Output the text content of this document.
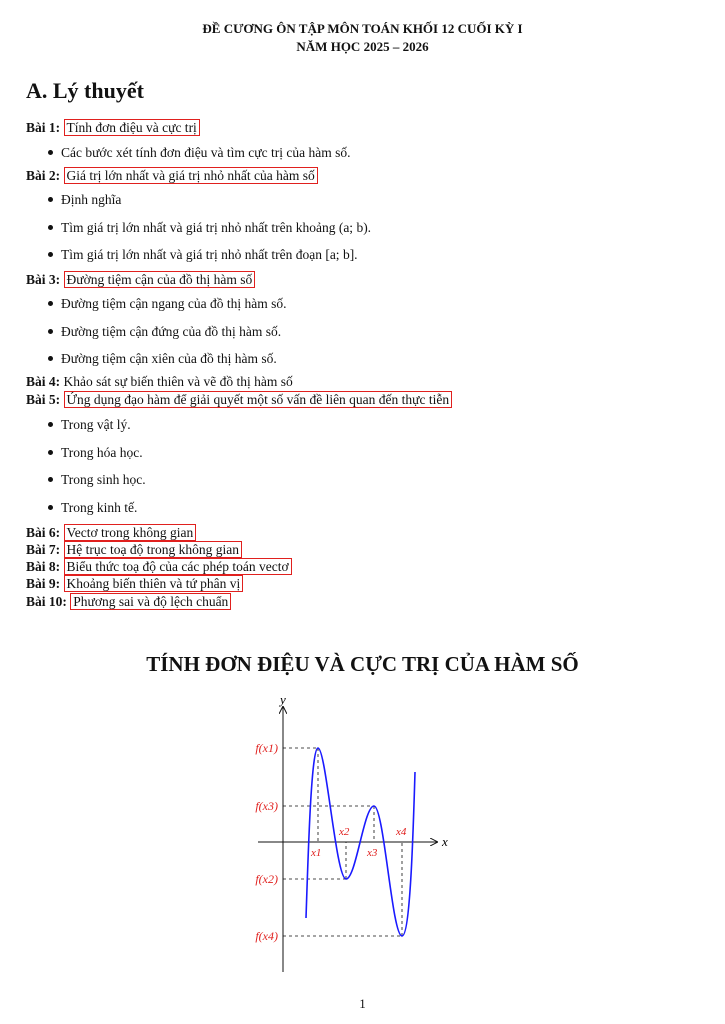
ĐỀ CƯƠNG ÔN TẬP MÔN TOÁN KHỐI 12 CUỐI KỲ I
NĂM HỌC 2025 – 2026
A. Lý thuyết
Bài 1: Tính đơn điệu và cực trị
Các bước xét tính đơn điệu và tìm cực trị của hàm số.
Bài 2: Giá trị lớn nhất và giá trị nhỏ nhất của hàm số
Định nghĩa
Tìm giá trị lớn nhất và giá trị nhỏ nhất trên khoảng (a; b).
Tìm giá trị lớn nhất và giá trị nhỏ nhất trên đoạn [a; b].
Bài 3: Đường tiệm cận của đồ thị hàm số
Đường tiệm cận ngang của đồ thị hàm số.
Đường tiệm cận đứng của đồ thị hàm số.
Đường tiệm cận xiên của đồ thị hàm số.
Bài 4: Khảo sát sự biến thiên và vẽ đồ thị hàm số
Bài 5: Ứng dụng đạo hàm để giải quyết một số vấn đề liên quan đến thực tiễn
Trong vật lý.
Trong hóa học.
Trong sinh học.
Trong kinh tế.
Bài 6: Vectơ trong không gian
Bài 7: Hệ trục toạ độ trong không gian
Bài 8: Biểu thức toạ độ của các phép toán vectơ
Bài 9: Khoảng biến thiên và tứ phân vị
Bài 10: Phương sai và độ lệch chuẩn
TÍNH ĐƠN ĐIỆU VÀ CỰC TRỊ CỦA HÀM SỐ
x
y
x1
x2
x3
x4
f(x1)
f(x3)
f(x2)
f(x4)
1
